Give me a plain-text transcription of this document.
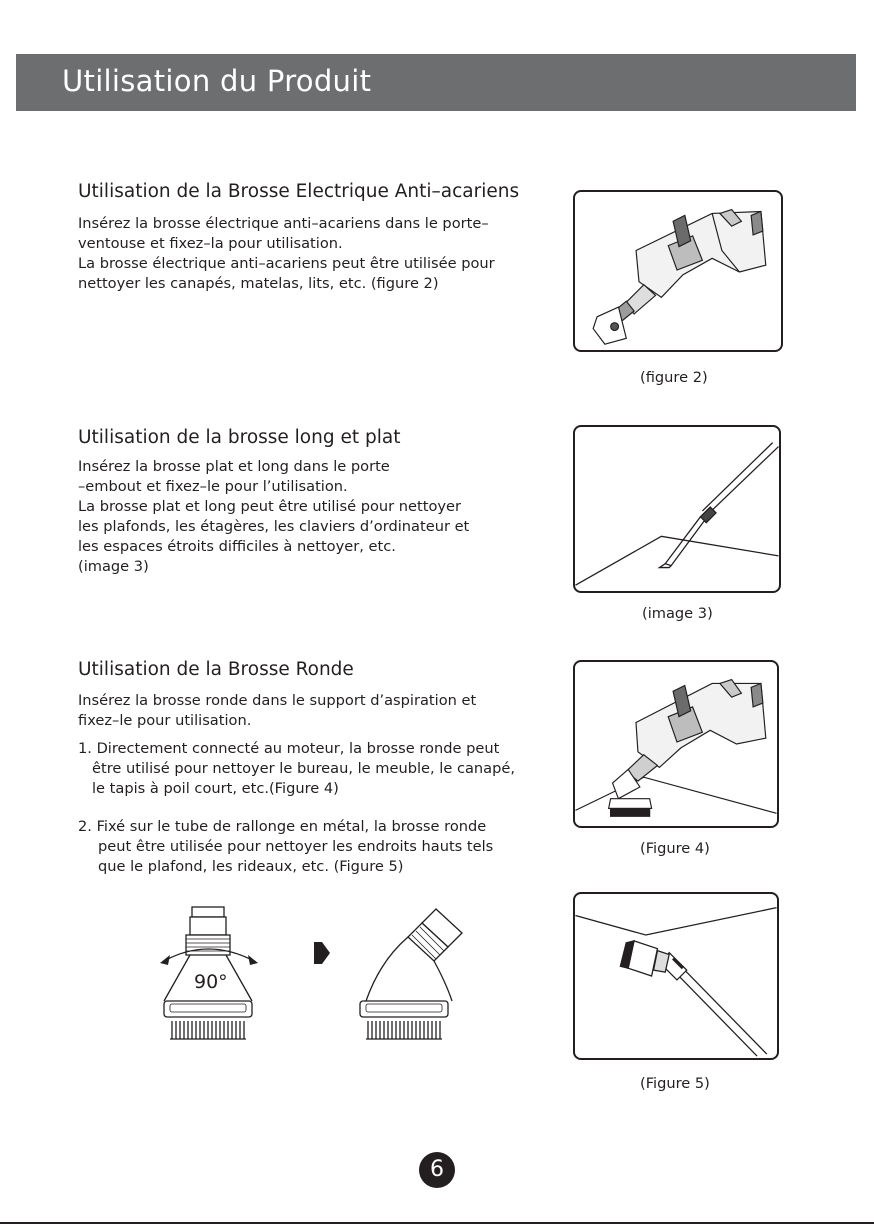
Utilisation du Produit
Utilisation de la Brosse Electrique Anti–acariens
Insérez la brosse électrique anti–acariens dans le porte–
ventouse et fixez–la pour utilisation.
La brosse électrique anti–acariens peut être utilisée pour
nettoyer les canapés, matelas, lits, etc. (figure 2)
Utilisation de la brosse long et plat
Insérez la brosse plat et long dans le porte
–embout et fixez–le pour l’utilisation.
La brosse plat et long peut être utilisé pour nettoyer
les plafonds, les étagères, les claviers d’ordinateur et
les espaces étroits difficiles à nettoyer, etc.
(image 3)
Utilisation de la Brosse Ronde
Insérez la brosse ronde dans le support d’aspiration et
fixez–le pour utilisation.
1. Directement connecté au moteur, la brosse ronde peut
être utilisé pour nettoyer le bureau, le meuble, le canapé,
le tapis à poil court, etc.(Figure 4)
2. Fixé sur le tube de rallonge en métal, la brosse ronde
peut être utilisée pour nettoyer les endroits hauts tels
que le plafond, les rideaux, etc. (Figure 5)
(figure 2)
(image 3)
(Figure 4)
(Figure 5)
90°
6
